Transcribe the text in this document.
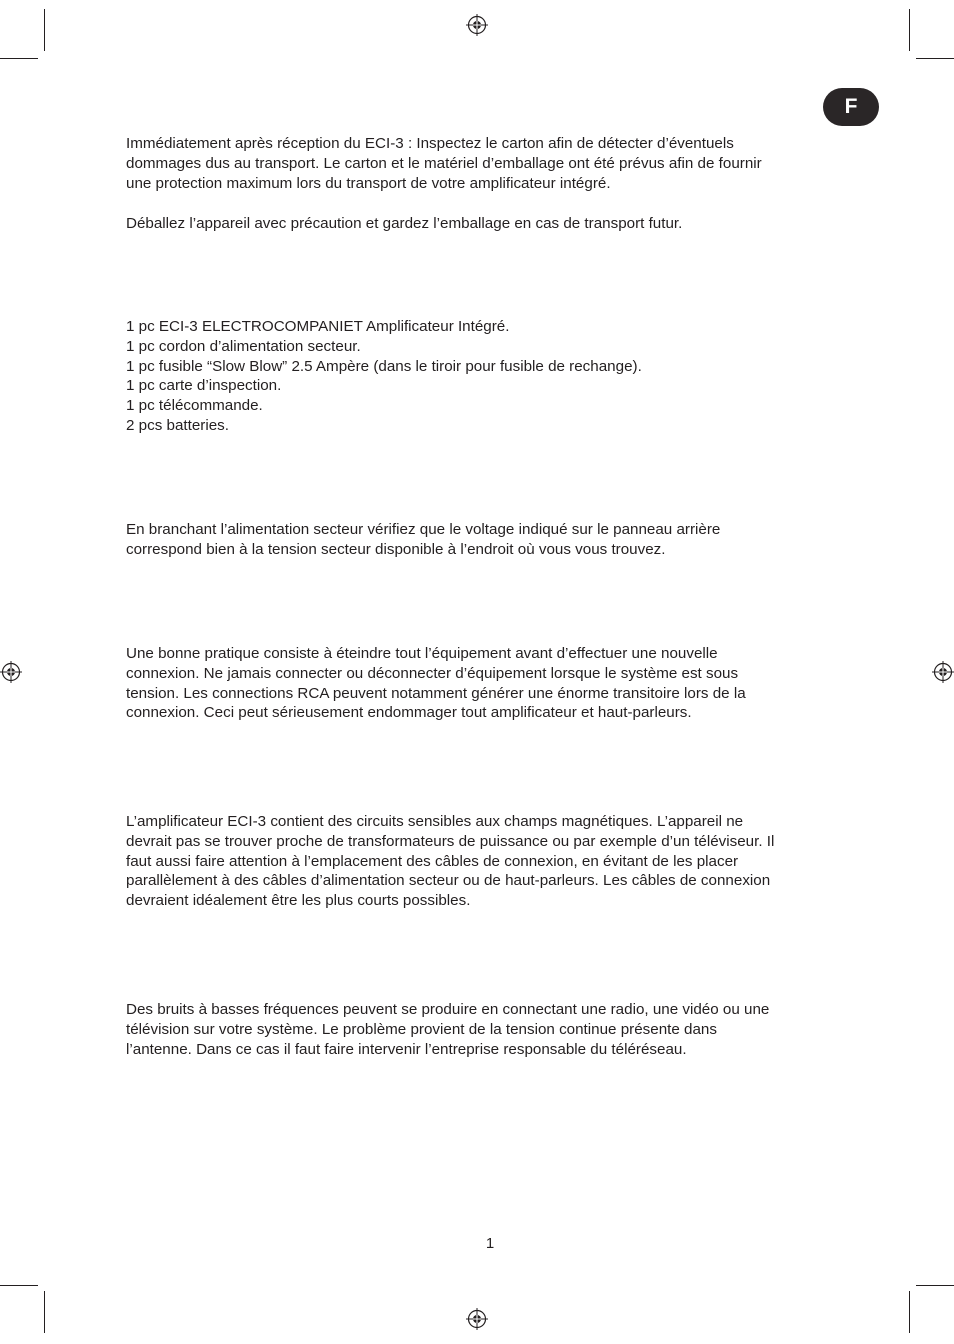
F

Immédiatement après réception du ECI-3 : Inspectez le carton afin de détecter d’éventuels
dommages dus au transport. Le carton et le matériel d’emballage ont été prévus afin de fournir
une protection maximum lors du transport de votre amplificateur intégré.

Déballez l’appareil avec précaution et gardez l’emballage en cas de transport futur.

1 pc ECI-3 ELECTROCOMPANIET Amplificateur Intégré.
1 pc cordon d’alimentation secteur.
1 pc fusible “Slow Blow” 2.5 Ampère (dans le tiroir pour fusible de rechange).
1 pc carte d’inspection.
1 pc télécommande.
2 pcs batteries.

En branchant l’alimentation secteur vérifiez que le voltage indiqué sur le panneau arrière
correspond bien à la tension secteur disponible à l’endroit où vous vous trouvez.

Une bonne pratique consiste à éteindre tout l’équipement avant d’effectuer une nouvelle
connexion. Ne jamais connecter ou déconnecter d’équipement lorsque le système est sous
tension. Les connections RCA peuvent notamment générer une énorme transitoire lors de la
connexion. Ceci peut sérieusement endommager tout amplificateur et haut-parleurs.

L’amplificateur ECI-3 contient des circuits sensibles aux champs magnétiques. L’appareil ne
devrait pas se trouver proche de transformateurs de puissance ou par exemple d’un téléviseur. Il
faut aussi faire attention à l’emplacement des câbles de connexion, en évitant de les placer
parallèlement à des câbles d’alimentation secteur ou de haut-parleurs. Les câbles de connexion
devraient idéalement être les plus courts possibles.

Des bruits à basses fréquences peuvent se produire en connectant une radio, une vidéo ou une
télévision sur votre système. Le problème provient de la tension continue présente dans
l’antenne. Dans ce cas il faut faire intervenir l’entreprise responsable du téléréseau.

1
